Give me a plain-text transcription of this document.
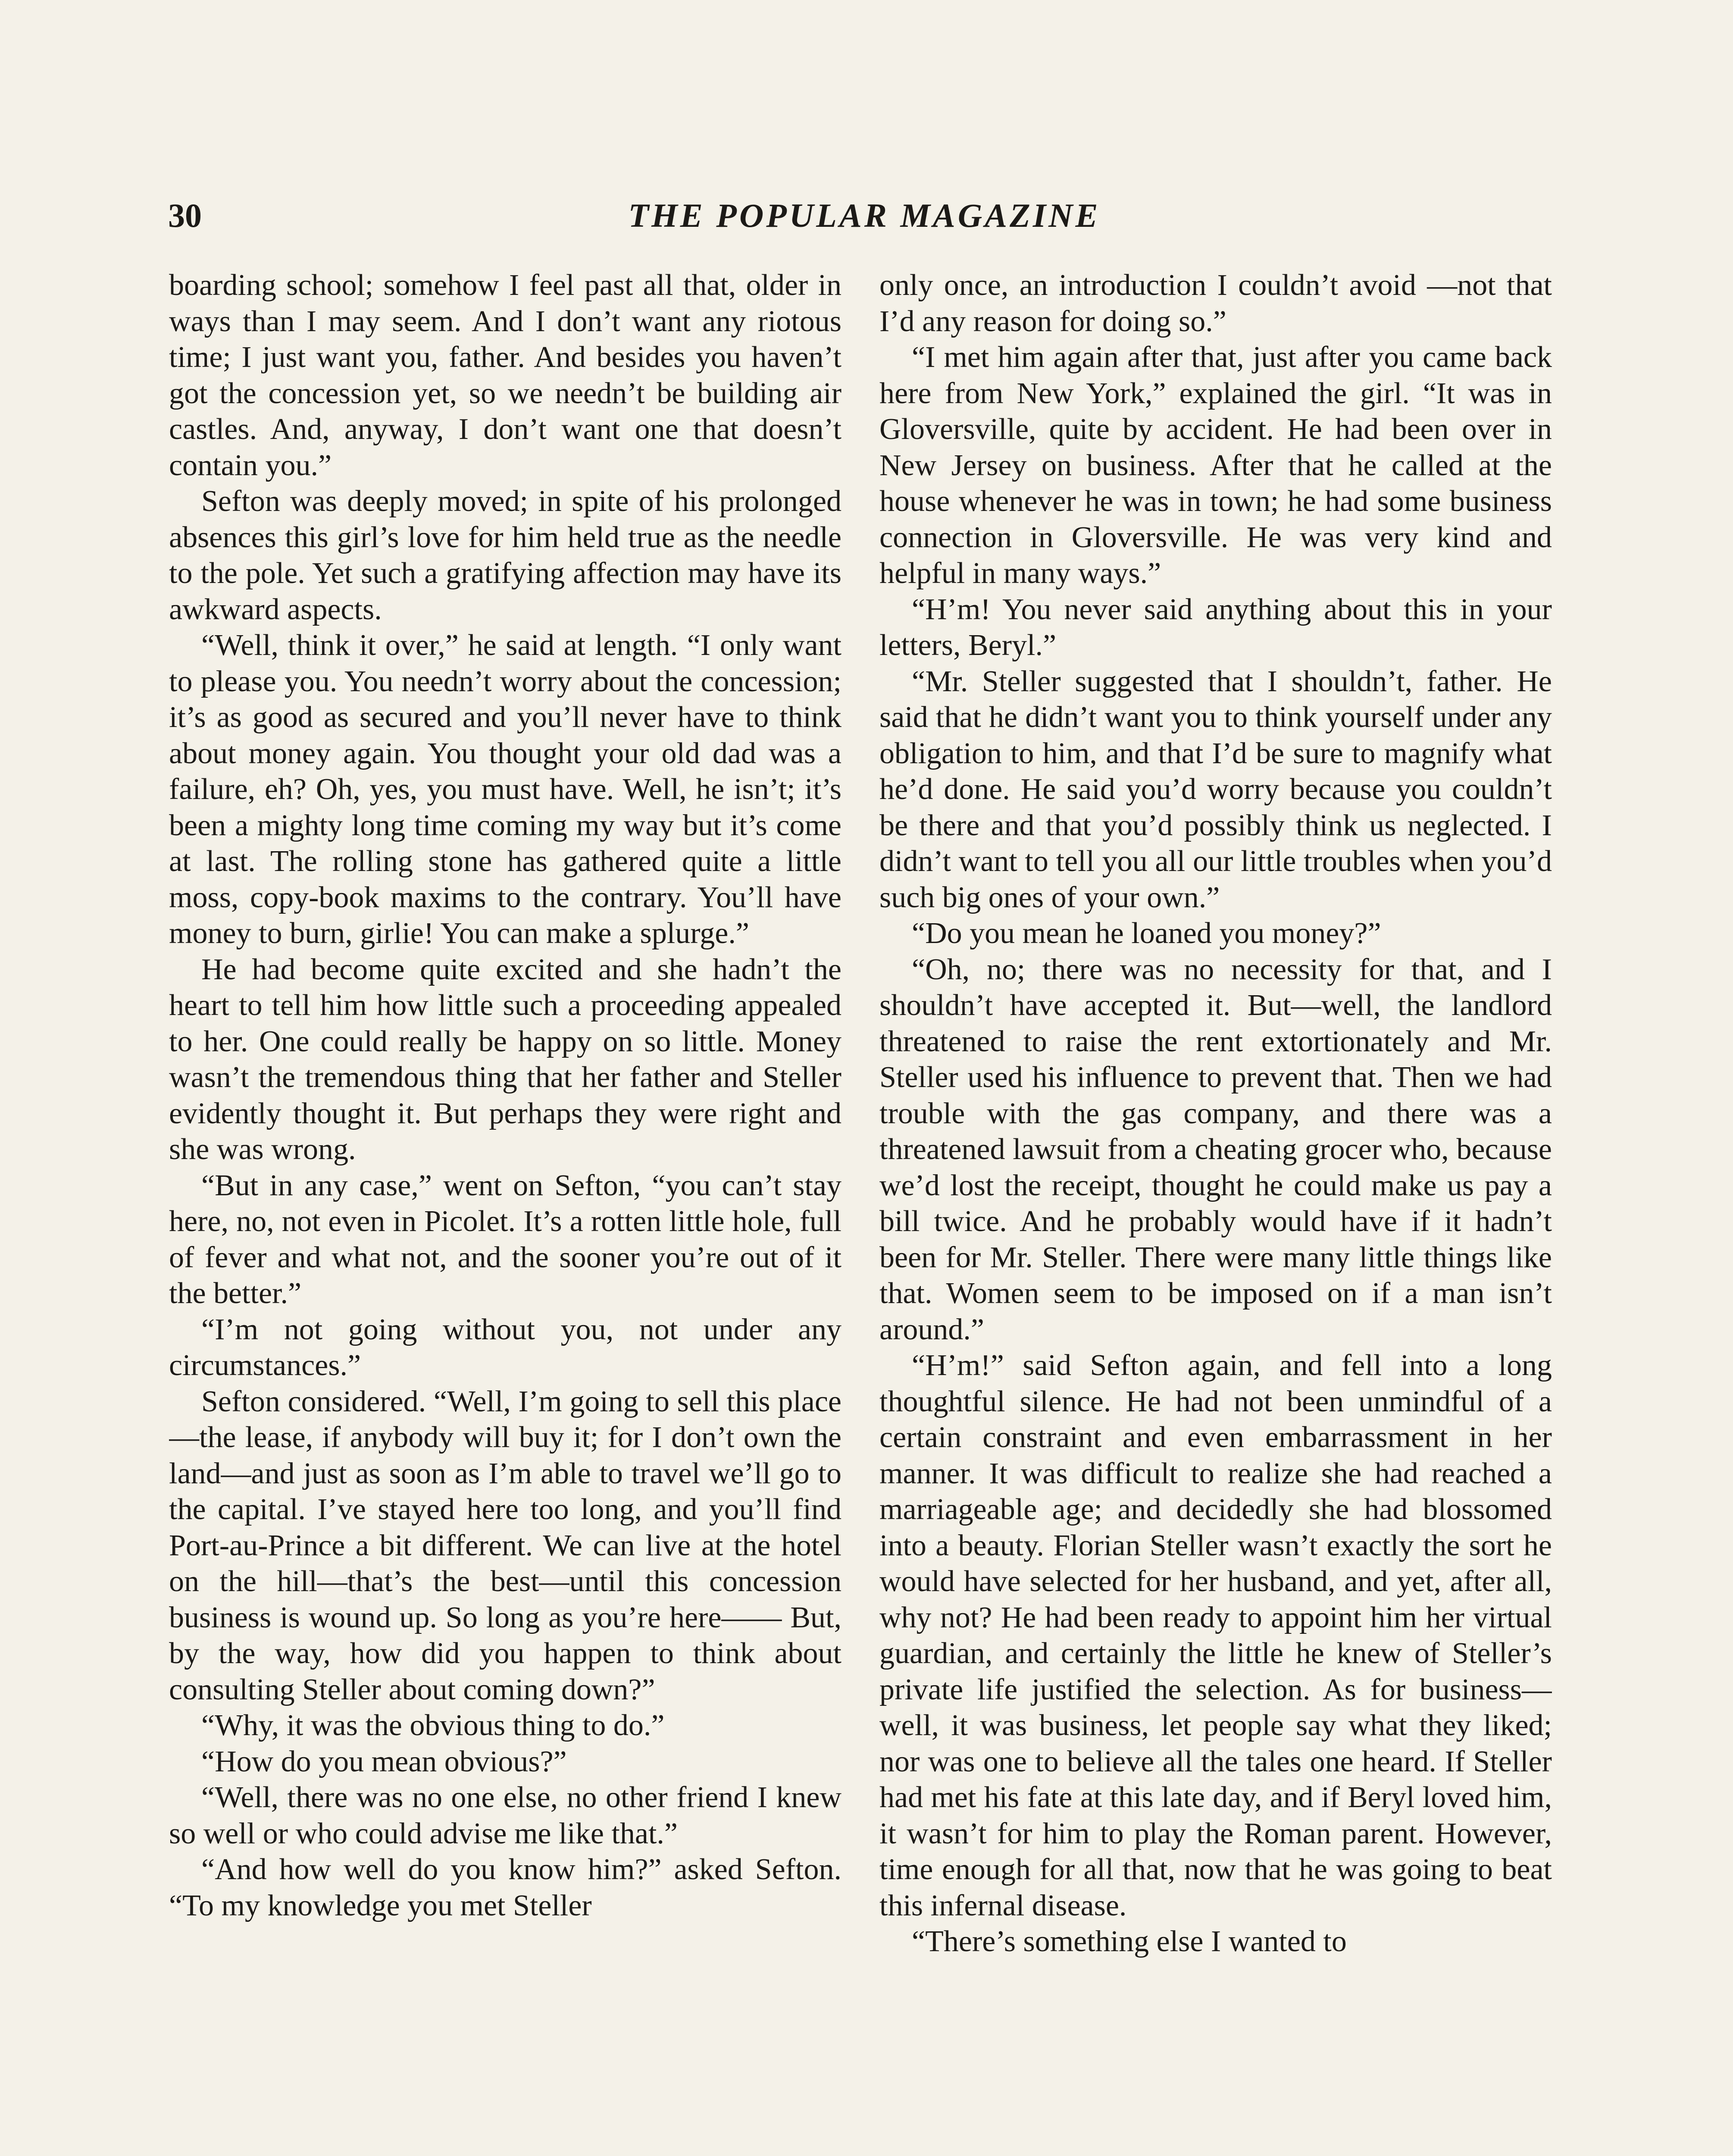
30	THE POPULAR MAGAZINE

boarding school; somehow I feel past all that, older in ways than I may seem. And I don’t want any riotous time; I just want you, father. And besides you haven’t got the concession yet, so we needn’t be building air castles. And, anyway, I don’t want one that doesn’t contain you.”

Sefton was deeply moved; in spite of his prolonged absences this girl’s love for him held true as the needle to the pole. Yet such a gratifying affection may have its awkward aspects.

“Well, think it over,” he said at length. “I only want to please you. You needn’t worry about the concession; it’s as good as secured and you’ll never have to think about money again. You thought your old dad was a failure, eh? Oh, yes, you must have. Well, he isn’t; it’s been a mighty long time coming my way but it’s come at last. The rolling stone has gathered quite a little moss, copy-book maxims to the contrary. You’ll have money to burn, girlie! You can make a splurge.”

He had become quite excited and she hadn’t the heart to tell him how little such a proceeding appealed to her. One could really be happy on so little. Money wasn’t the tremendous thing that her father and Steller evidently thought it. But perhaps they were right and she was wrong.

“But in any case,” went on Sefton, “you can’t stay here, no, not even in Picolet. It’s a rotten little hole, full of fever and what not, and the sooner you’re out of it the better.”

“I’m not going without you, not under any circumstances.”

Sefton considered. “Well, I’m going to sell this place—the lease, if anybody will buy it; for I don’t own the land—and just as soon as I’m able to travel we’ll go to the capital. I’ve stayed here too long, and you’ll find Port-au-Prince a bit different. We can live at the hotel on the hill—that’s the best—until this concession business is wound up. So long as you’re here—— But, by the way, how did you happen to think about consulting Steller about coming down?”

“Why, it was the obvious thing to do.”

“How do you mean obvious?”

“Well, there was no one else, no other friend I knew so well or who could advise me like that.”

“And how well do you know him?” asked Sefton. “To my knowledge you met Steller

only once, an introduction I couldn’t avoid —not that I’d any reason for doing so.”

“I met him again after that, just after you came back here from New York,” explained the girl. “It was in Gloversville, quite by accident. He had been over in New Jersey on business. After that he called at the house whenever he was in town; he had some business connection in Gloversville. He was very kind and helpful in many ways.”

“H’m! You never said anything about this in your letters, Beryl.”

“Mr. Steller suggested that I shouldn’t, father. He said that he didn’t want you to think yourself under any obligation to him, and that I’d be sure to magnify what he’d done. He said you’d worry because you couldn’t be there and that you’d possibly think us neglected. I didn’t want to tell you all our little troubles when you’d such big ones of your own.”

“Do you mean he loaned you money?”

“Oh, no; there was no necessity for that, and I shouldn’t have accepted it. But—well, the landlord threatened to raise the rent extortionately and Mr. Steller used his influence to prevent that. Then we had trouble with the gas company, and there was a threatened lawsuit from a cheating grocer who, because we’d lost the receipt, thought he could make us pay a bill twice. And he probably would have if it hadn’t been for Mr. Steller. There were many little things like that. Women seem to be imposed on if a man isn’t around.”

“H’m!” said Sefton again, and fell into a long thoughtful silence. He had not been unmindful of a certain constraint and even embarrassment in her manner. It was difficult to realize she had reached a marriageable age; and decidedly she had blossomed into a beauty. Florian Steller wasn’t exactly the sort he would have selected for her husband, and yet, after all, why not? He had been ready to appoint him her virtual guardian, and certainly the little he knew of Steller’s private life justified the selection. As for business—well, it was business, let people say what they liked; nor was one to believe all the tales one heard. If Steller had met his fate at this late day, and if Beryl loved him, it wasn’t for him to play the Roman parent. However, time enough for all that, now that he was going to beat this infernal disease.

“There’s something else I wanted to
